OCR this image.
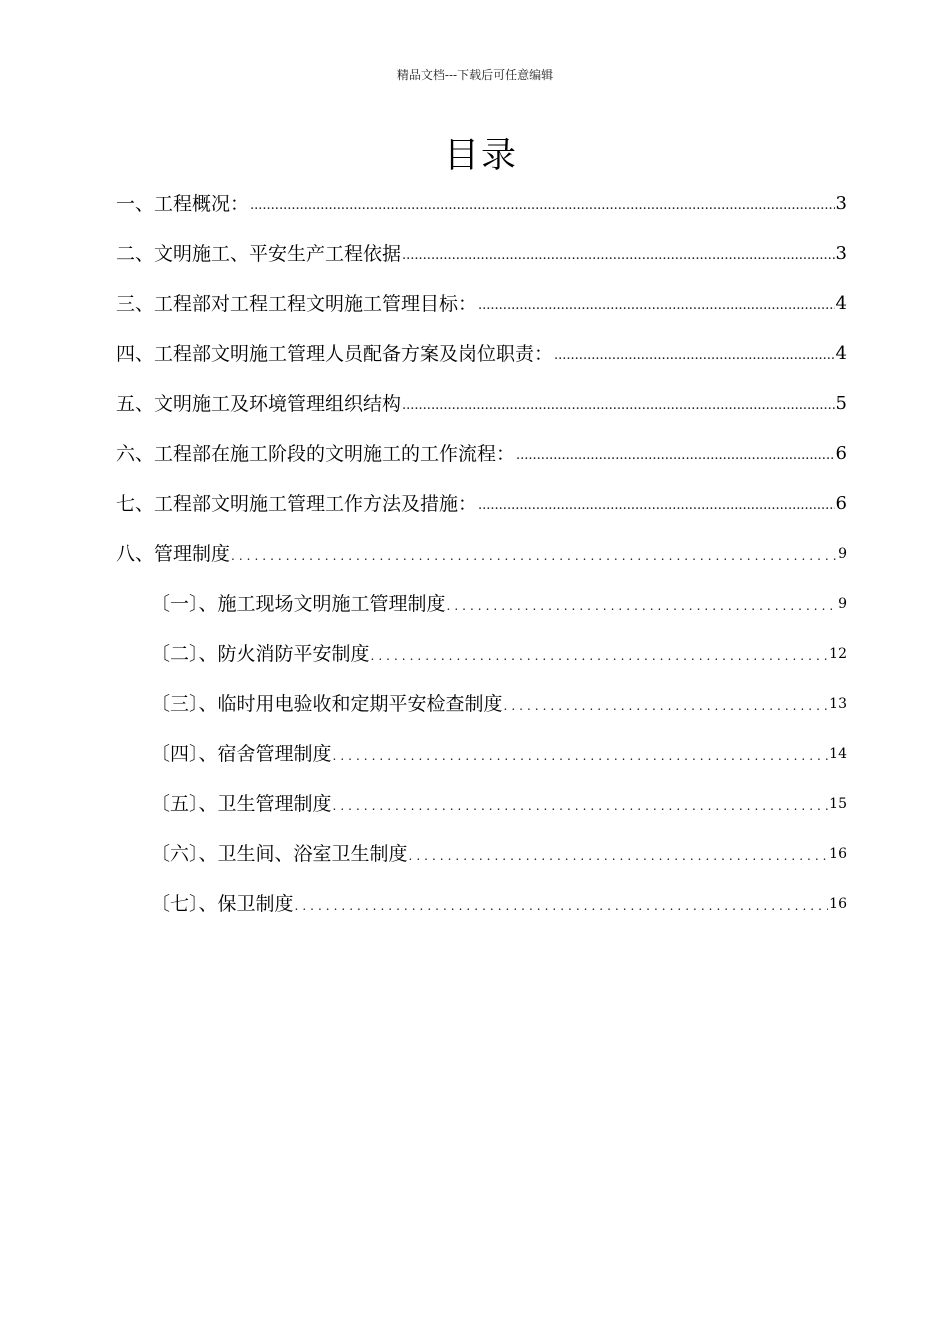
精品文档---下载后可任意编辑
目录
一、工程概况： .....	3
二、文明施工、平安生产工程依据 .....	3
三、工程部对工程工程文明施工管理目标： .....	4
四、工程部文明施工管理人员配备方案及岗位职责： .....	4
五、文明施工及环境管理组织结构 .....	5
六、工程部在施工阶段的文明施工的工作流程： .....	6
七、工程部文明施工管理工作方法及措施： .....	6
八、管理制度 .....	9
〔一〕、施工现场文明施工管理制度 .....	9
〔二〕、防火消防平安制度 .....	12
〔三〕、临时用电验收和定期平安检查制度 .....	13
〔四〕、宿舍管理制度 .....	14
〔五〕、卫生管理制度 .....	15
〔六〕、卫生间、浴室卫生制度 .....	16
〔七〕、保卫制度 .....	16
